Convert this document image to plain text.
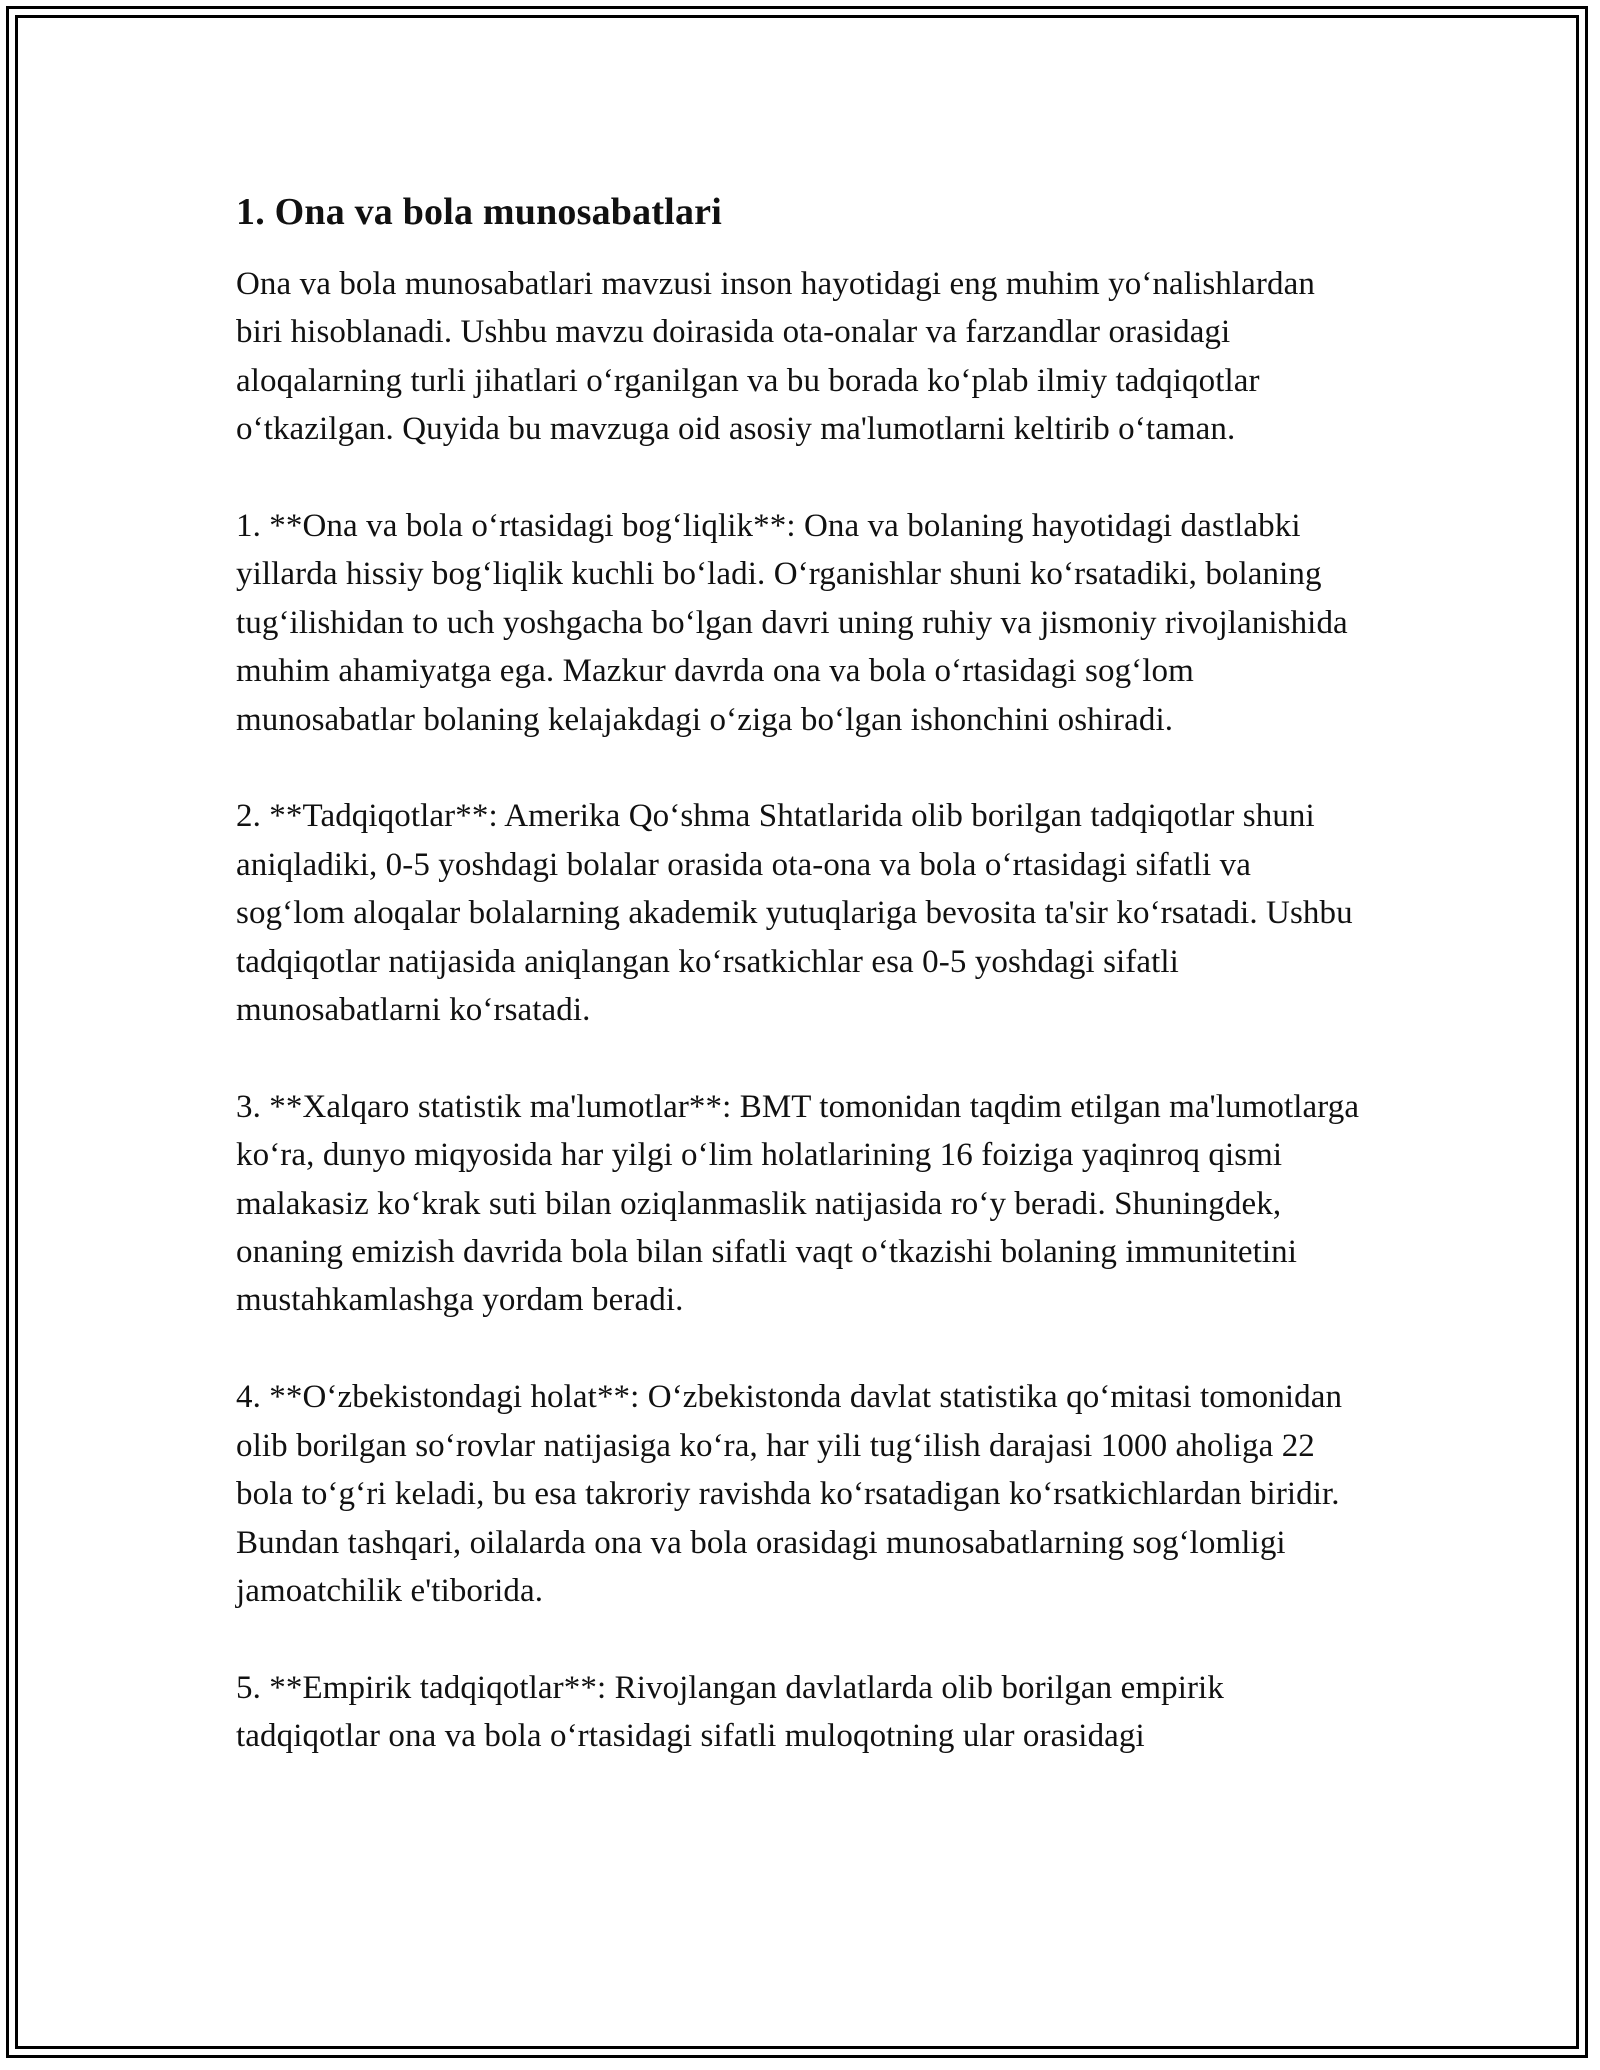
1. Ona va bola munosabatlari

Ona va bola munosabatlari mavzusi inson hayotidagi eng muhim yo‘nalishlardan biri hisoblanadi. Ushbu mavzu doirasida ota-onalar va farzandlar orasidagi aloqalarning turli jihatlari o‘rganilgan va bu borada ko‘plab ilmiy tadqiqotlar o‘tkazilgan. Quyida bu mavzuga oid asosiy ma'lumotlarni keltirib o‘taman.

1. **Ona va bola o‘rtasidagi bog‘liqlik**: Ona va bolaning hayotidagi dastlabki yillarda hissiy bog‘liqlik kuchli bo‘ladi. O‘rganishlar shuni ko‘rsatadiki, bolaning tug‘ilishidan to uch yoshgacha bo‘lgan davri uning ruhiy va jismoniy rivojlanishida muhim ahamiyatga ega. Mazkur davrda ona va bola o‘rtasidagi sog‘lom munosabatlar bolaning kelajakdagi o‘ziga bo‘lgan ishonchini oshiradi.

2. **Tadqiqotlar**: Amerika Qo‘shma Shtatlarida olib borilgan tadqiqotlar shuni aniqladiki, 0-5 yoshdagi bolalar orasida ota-ona va bola o‘rtasidagi sifatli va sog‘lom aloqalar bolalarning akademik yutuqlariga bevosita ta'sir ko‘rsatadi. Ushbu tadqiqotlar natijasida aniqlangan ko‘rsatkichlar esa 0-5 yoshdagi sifatli munosabatlarni ko‘rsatadi.

3. **Xalqaro statistik ma'lumotlar**: BMT tomonidan taqdim etilgan ma'lumotlarga ko‘ra, dunyo miqyosida har yilgi o‘lim holatlarining 16 foiziga yaqinroq qismi malakasiz ko‘krak suti bilan oziqlanmaslik natijasida ro‘y beradi. Shuningdek, onaning emizish davrida bola bilan sifatli vaqt o‘tkazishi bolaning immunitetini mustahkamlashga yordam beradi.

4. **O‘zbekistondagi holat**: O‘zbekistonda davlat statistika qo‘mitasi tomonidan olib borilgan so‘rovlar natijasiga ko‘ra, har yili tug‘ilish darajasi 1000 aholiga 22 bola to‘g‘ri keladi, bu esa takroriy ravishda ko‘rsatadigan ko‘rsatkichlardan biridir. Bundan tashqari, oilalarda ona va bola orasidagi munosabatlarning sog‘lomligi jamoatchilik e'tiborida.

5. **Empirik tadqiqotlar**: Rivojlangan davlatlarda olib borilgan empirik tadqiqotlar ona va bola o‘rtasidagi sifatli muloqotning ular orasidagi
